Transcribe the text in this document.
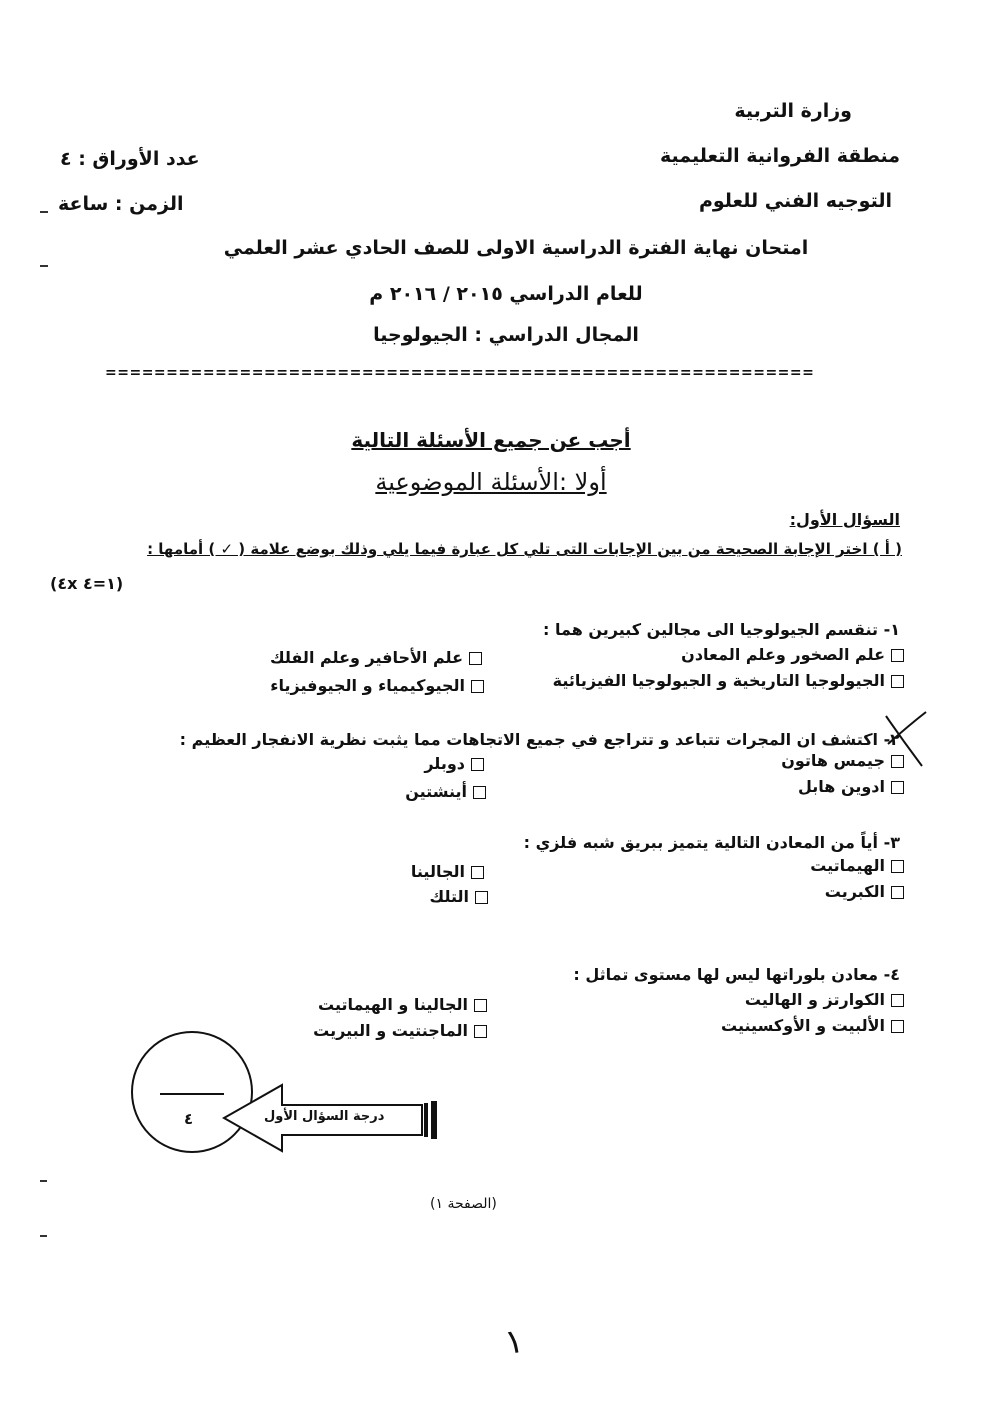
وزارة التربية
منطقة الفروانية التعليمية
التوجيه الفني للعلوم
عدد الأوراق : ٤
الزمن : ساعة
امتحان نهاية الفترة الدراسية الاولى للصف الحادي عشر العلمي
للعام الدراسي ٢٠١٥ / ٢٠١٦ م
المجال الدراسي : الجيولوجيا
==========================================================
أجب عن جميع الأسئلة التالية
أولا :الأسئلة الموضوعية
السؤال الأول:
( أ ) اختر الإجابة الصحيحة من بين الإجابات التى تلي كل عبارة فيما يلي وذلك بوضع علامة ( ✓ ) أمامها :
(٤x ١=٤)
١- تنقسم الجيولوجيا الى مجالين كبيرين هما :
علم الصخور وعلم المعادن
علم الأحافير وعلم الفلك
الجيولوجيا التاريخية و الجيولوجيا الفيزيائية
الجيوكيمياء و الجيوفيزياء
٢- اكتشف ان المجرات تتباعد و تتراجع في جميع الاتجاهات مما يثبت نظرية الانفجار العظيم :
جيمس هاتون
دوبلر
ادوين هابل
أينشتين
٣- أياً من المعادن التالية يتميز ببريق شبه فلزي :
الهيماتيت
الجالينا
الكبريت
التلك
٤- معادن بلوراتها ليس لها مستوى تماثل :
الكوارتز و الهاليت
الجالينا و الهيماتيت
الألبيت و الأوكسينيت
الماجنتيت و البيريت
٤	درجة السؤال الأول
(الصفحة ١)
١
